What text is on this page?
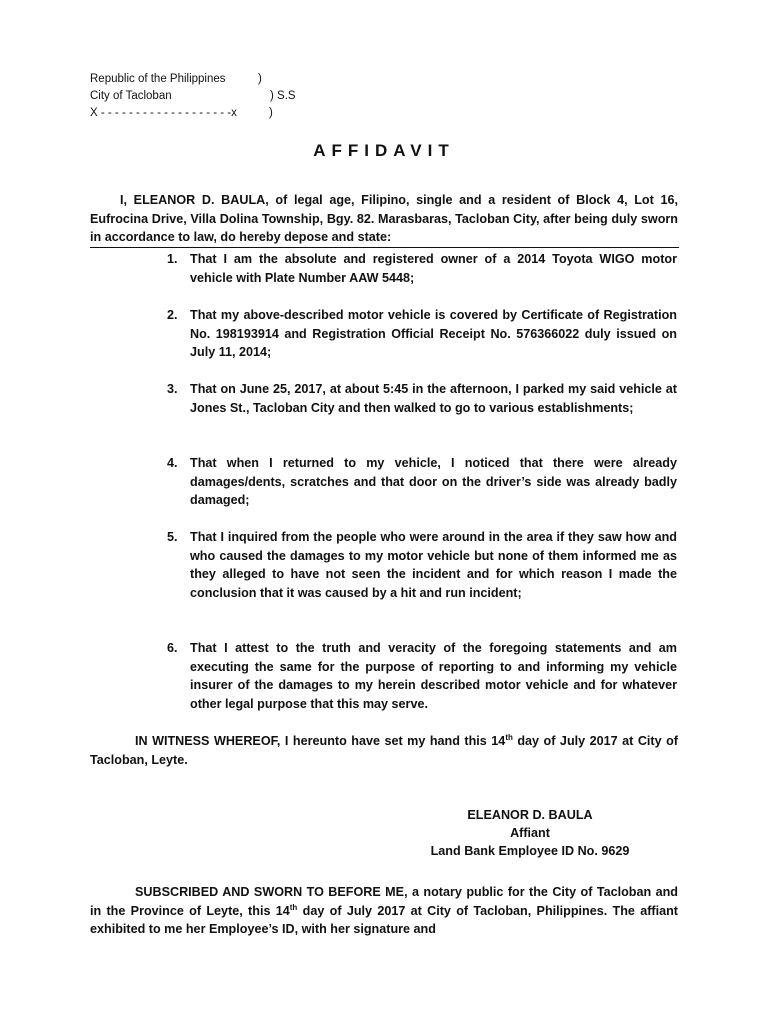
Republic of the Philippines	)
City of Tacloban	) S.S
X - - - - - - - - - - - - - - - - - - -x	)
AFFIDAVIT

I, ELEANOR D. BAULA, of legal age, Filipino, single and a resident of Block 4, Lot 16, Eufrocina Drive, Villa Dolina Township, Bgy. 82. Marasbaras, Tacloban City, after being duly sworn in accordance to law, do hereby depose and state:

1. That I am the absolute and registered owner of a 2014 Toyota WIGO motor vehicle with Plate Number AAW 5448;
2. That my above-described motor vehicle is covered by Certificate of Registration No. 198193914 and Registration Official Receipt No. 576366022 duly issued on July 11, 2014;
3. That on June 25, 2017, at about 5:45 in the afternoon, I parked my said vehicle at Jones St., Tacloban City and then walked to go to various establishments;
4. That when I returned to my vehicle, I noticed that there were already damages/dents, scratches and that door on the driver’s side was already badly damaged;
5. That I inquired from the people who were around in the area if they saw how and who caused the damages to my motor vehicle but none of them informed me as they alleged to have not seen the incident and for which reason I made the conclusion that it was caused by a hit and run incident;
6. That I attest to the truth and veracity of the foregoing statements and am executing the same for the purpose of reporting to and informing my vehicle insurer of the damages to my herein described motor vehicle and for whatever other legal purpose that this may serve.

IN WITNESS WHEREOF, I hereunto have set my hand this 14th day of July 2017 at City of Tacloban, Leyte.

ELEANOR D. BAULA
Affiant
Land Bank Employee ID No. 9629

SUBSCRIBED AND SWORN TO BEFORE ME, a notary public for the City of Tacloban and in the Province of Leyte, this 14th day of July 2017 at City of Tacloban, Philippines. The affiant exhibited to me her Employee’s ID, with her signature and
